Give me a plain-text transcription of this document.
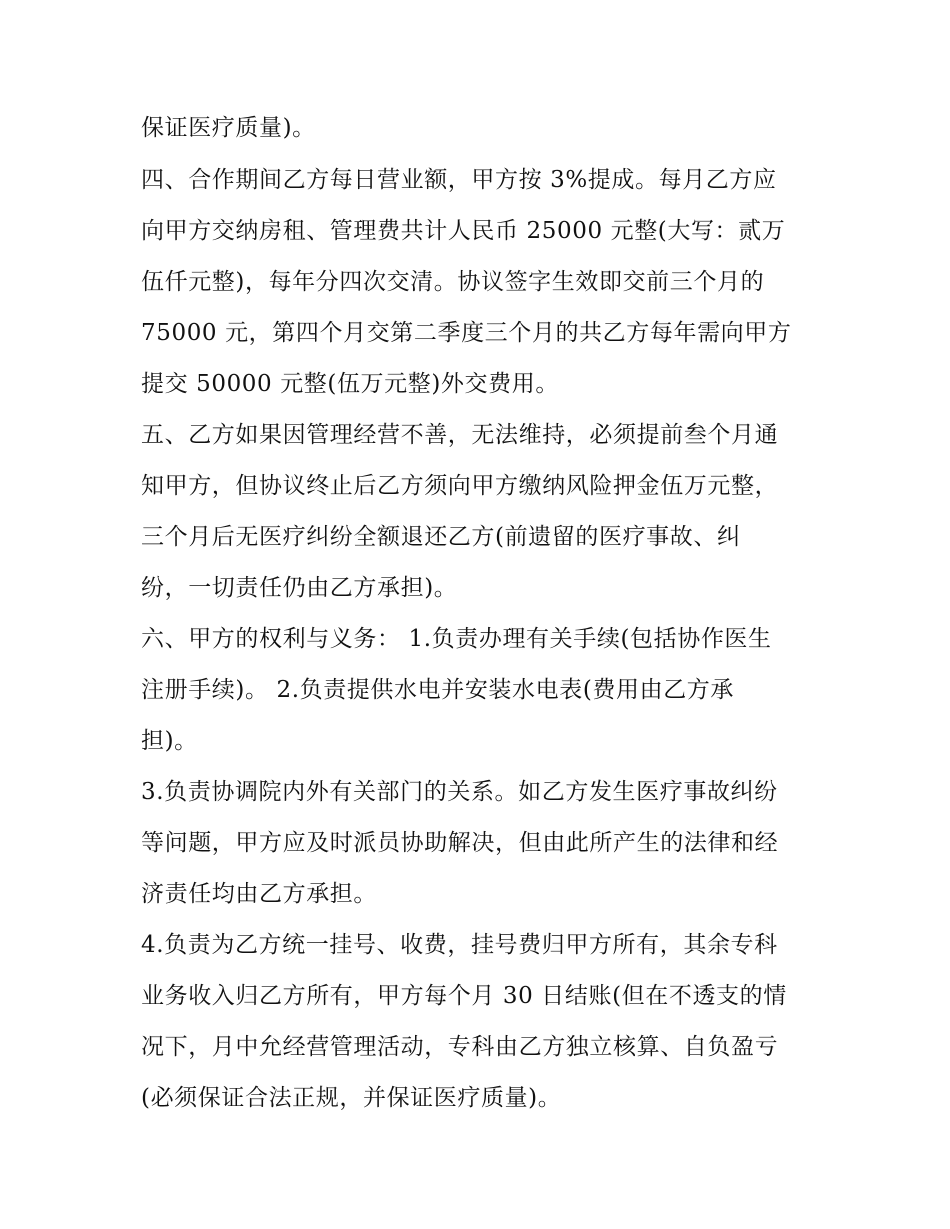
保证医疗质量)。
四、合作期间乙方每日营业额，甲方按 3%提成。每月乙方应
向甲方交纳房租、管理费共计人民币 25000 元整(大写：贰万
伍仟元整)，每年分四次交清。协议签字生效即交前三个月的
75000 元，第四个月交第二季度三个月的共乙方每年需向甲方
提交 50000 元整(伍万元整)外交费用。
五、乙方如果因管理经营不善，无法维持，必须提前叁个月通
知甲方，但协议终止后乙方须向甲方缴纳风险押金伍万元整，
三个月后无医疗纠纷全额退还乙方(前遗留的医疗事故、纠
纷，一切责任仍由乙方承担)。
六、甲方的权利与义务： 1.负责办理有关手续(包括协作医生
注册手续)。 2.负责提供水电并安装水电表(费用由乙方承
担)。
3.负责协调院内外有关部门的关系。如乙方发生医疗事故纠纷
等问题，甲方应及时派员协助解决，但由此所产生的法律和经
济责任均由乙方承担。
4.负责为乙方统一挂号、收费，挂号费归甲方所有，其余专科
业务收入归乙方所有，甲方每个月 30 日结账(但在不透支的情
况下，月中允经营管理活动，专科由乙方独立核算、自负盈亏
(必须保证合法正规，并保证医疗质量)。
